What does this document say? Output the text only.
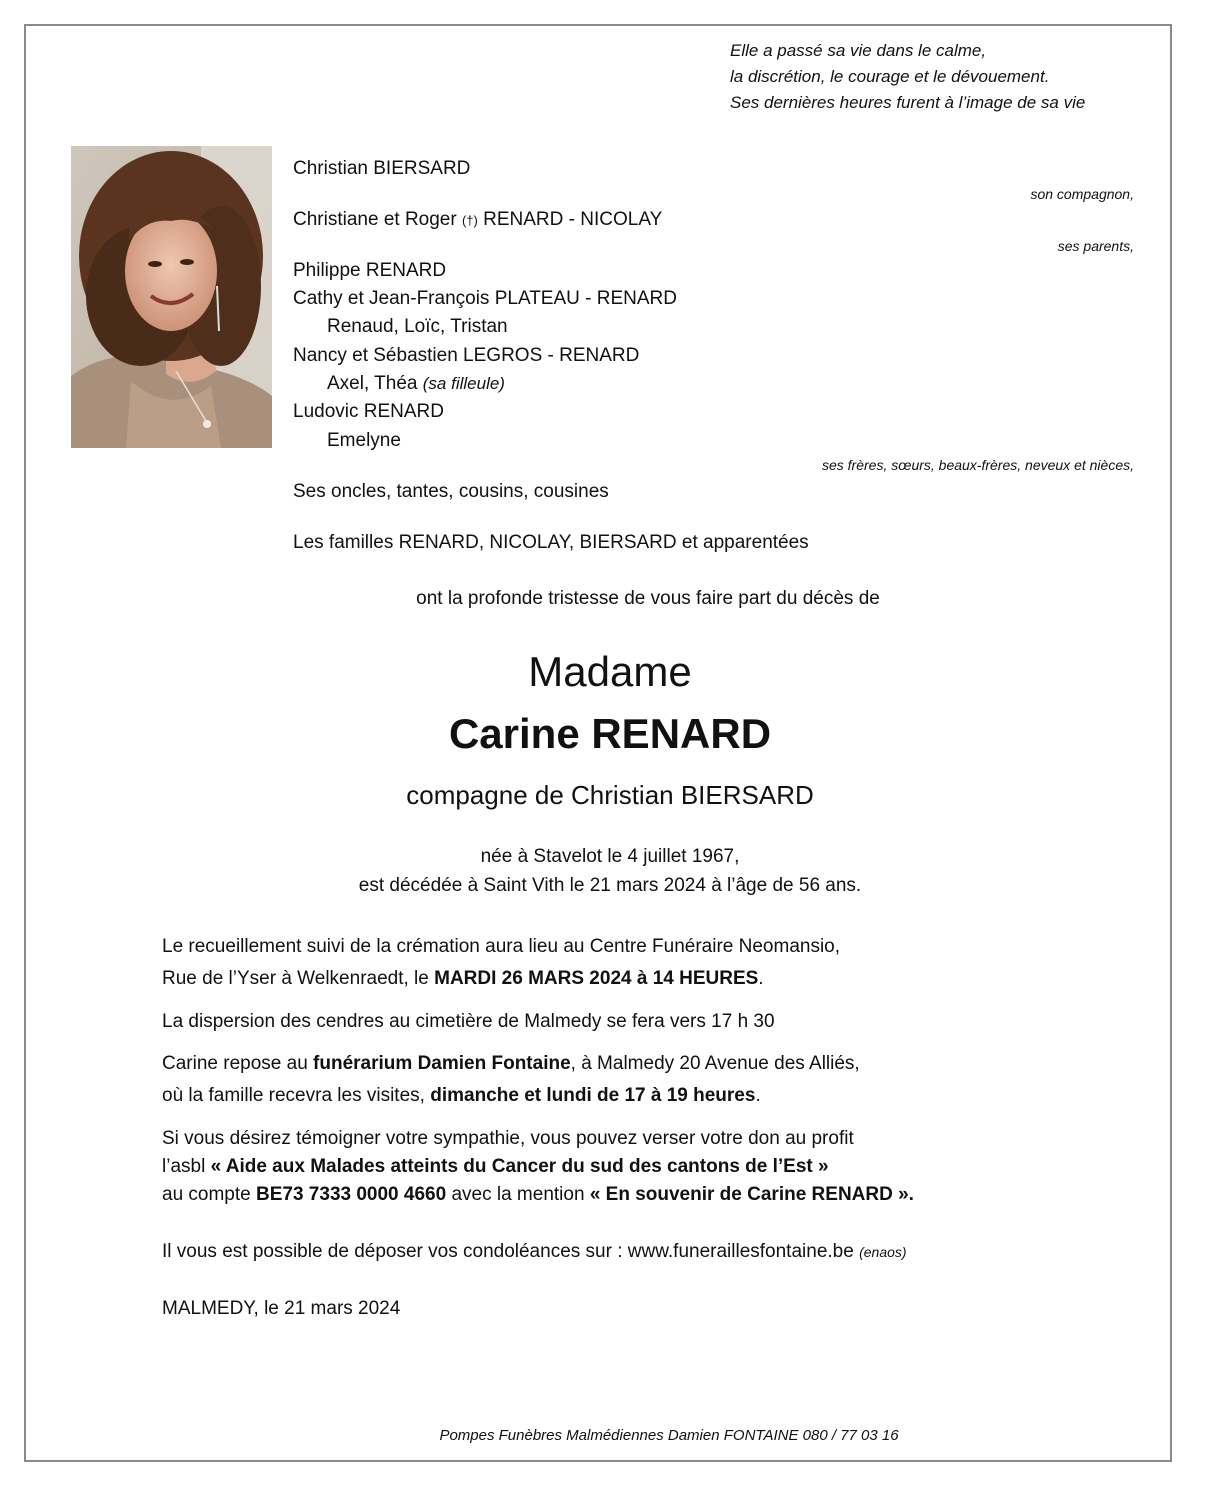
Elle a passé sa vie dans le calme,
la discrétion, le courage et le dévouement.
Ses dernières heures furent à l’image de sa vie
Christian BIERSARD
son compagnon,
Christiane et Roger (†) RENARD - NICOLAY
ses parents,
Philippe RENARD
Cathy et Jean-François PLATEAU - RENARD
Renaud, Loïc, Tristan
Nancy et Sébastien LEGROS - RENARD
Axel, Théa (sa filleule)
Ludovic RENARD
Emelyne
ses frères, sœurs, beaux-frères, neveux et nièces,
Ses oncles, tantes, cousins, cousines
Les familles RENARD, NICOLAY, BIERSARD et apparentées
ont la profonde tristesse de vous faire part du décès de
Madame
Carine RENARD
compagne de Christian BIERSARD
née à Stavelot le 4 juillet 1967,
est décédée à Saint Vith le 21 mars 2024 à l’âge de 56 ans.
Le recueillement suivi de la crémation aura lieu au Centre Funéraire Neomansio,
Rue de l’Yser à Welkenraedt, le MARDI 26 MARS 2024 à 14 HEURES.
La dispersion des cendres au cimetière de Malmedy se fera vers 17 h 30
Carine repose au funérarium Damien Fontaine, à Malmedy 20 Avenue des Alliés,
où la famille recevra les visites, dimanche et lundi de 17 à 19 heures.
Si vous désirez témoigner votre sympathie, vous pouvez verser votre don au profit
l’asbl « Aide aux Malades atteints du Cancer du sud des cantons de l’Est »
au compte BE73 7333 0000 4660 avec la mention « En souvenir de Carine RENARD ».
Il vous est possible de déposer vos condoléances sur : www.funeraillesfontaine.be (enaos)
MALMEDY, le 21 mars 2024
Pompes Funèbres Malmédiennes Damien FONTAINE 080 / 77 03 16
